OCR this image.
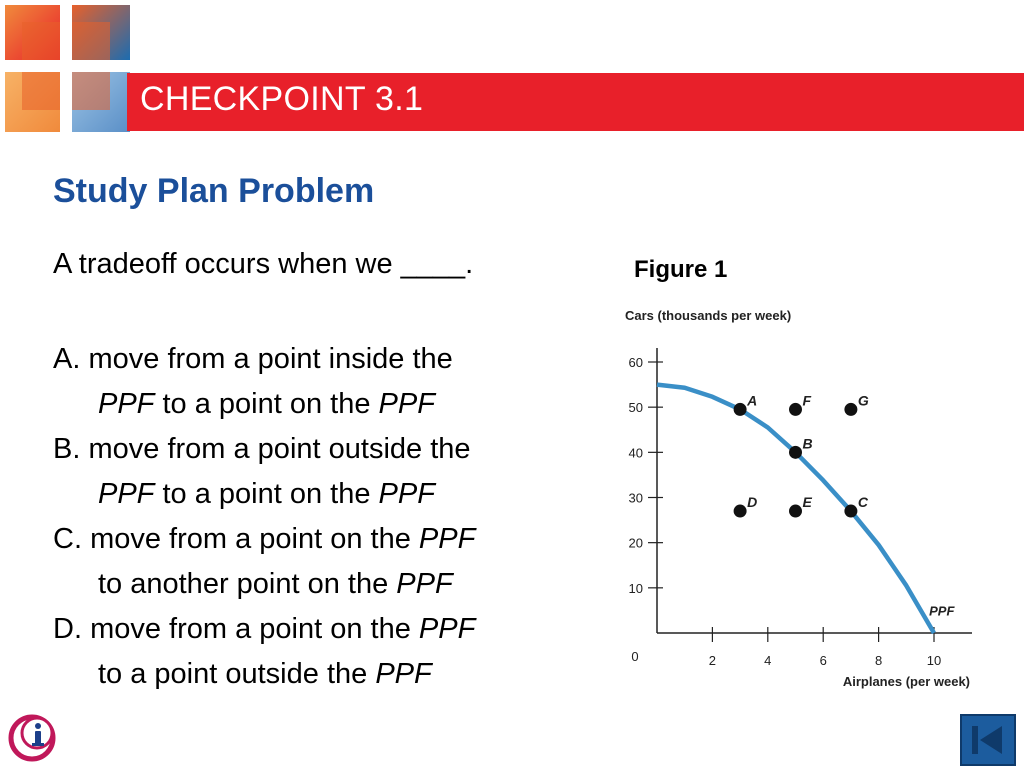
CHECKPOINT 3.1
Study Plan Problem
A tradeoff occurs when we ____.
A. move from a point inside the
PPF to a point on the PPF
B. move from a point outside the
PPF to a point on the PPF
C. move from a point on the PPF
to another point on the PPF
D. move from a point on the PPF
to a point outside the PPF
Figure 1
Cars (thousands per week)
Airplanes (per week)
10
20
30
40
50
60
0	2	4	6	8	10
PPF
A	F	G
B
D	E	C
